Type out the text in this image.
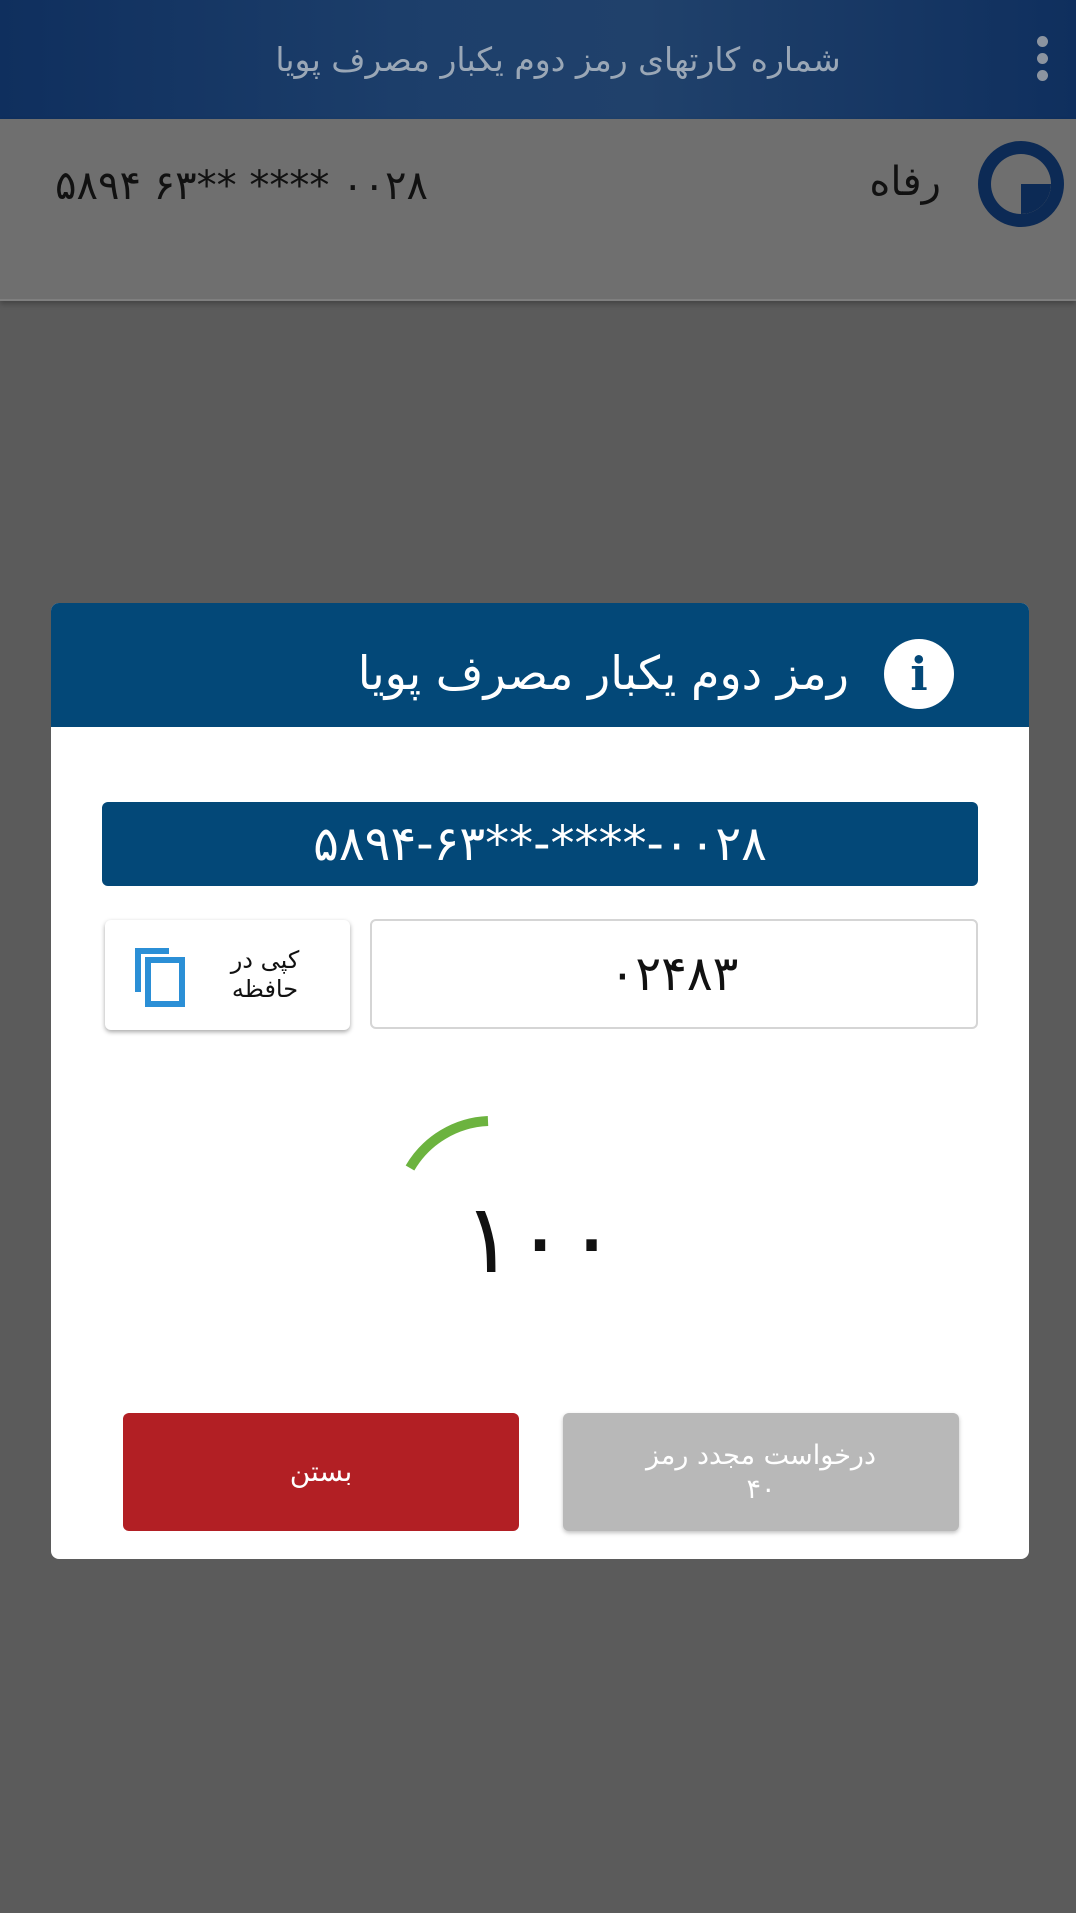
شماره کارتهای رمز دوم یکبار مصرف پویا
رفاه
۵۸۹۴ ۶۳** **** ۰۰۲۸
i
رمز دوم یکبار مصرف پویا
۵۸۹۴-۶۳**-****-۰۰۲۸
کپی در حافظه	۰۲۴۸۳
۱۰۰
بستن	درخواست مجدد رمز
۴۰
